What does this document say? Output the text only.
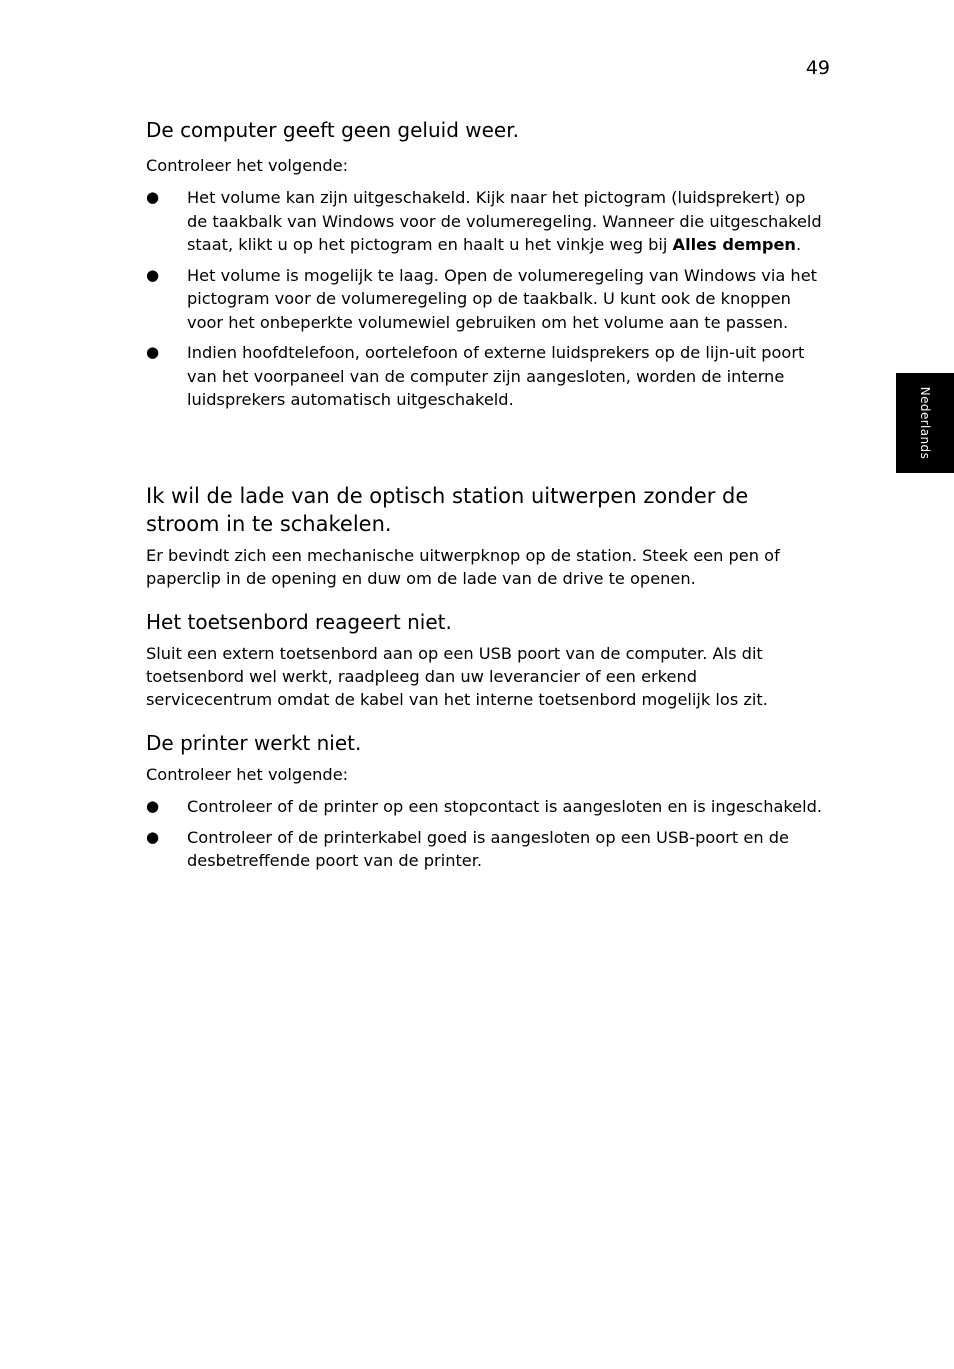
49
Nederlands
De computer geeft geen geluid weer.
Controleer het volgende:
● Het volume kan zijn uitgeschakeld. Kijk naar het pictogram (luidsprekert) op de taakbalk van Windows voor de volumeregeling. Wanneer die uitgeschakeld staat, klikt u op het pictogram en haalt u het vinkje weg bij Alles dempen.
● Het volume is mogelijk te laag. Open de volumeregeling van Windows via het pictogram voor de volumeregeling op de taakbalk. U kunt ook de knoppen voor het onbeperkte volumewiel gebruiken om het volume aan te passen.
● Indien hoofdtelefoon, oortelefoon of externe luidsprekers op de lijn-uit poort van het voorpaneel van de computer zijn aangesloten, worden de interne luidsprekers automatisch uitgeschakeld.
Ik wil de lade van de optisch station uitwerpen zonder de stroom in te schakelen.
Er bevindt zich een mechanische uitwerpknop op de station. Steek een pen of paperclip in de opening en duw om de lade van de drive te openen.
Het toetsenbord reageert niet.
Sluit een extern toetsenbord aan op een USB poort van de computer. Als dit toetsenbord wel werkt, raadpleeg dan uw leverancier of een erkend servicecentrum omdat de kabel van het interne toetsenbord mogelijk los zit.
De printer werkt niet.
Controleer het volgende:
● Controleer of de printer op een stopcontact is aangesloten en is ingeschakeld.
● Controleer of de printerkabel goed is aangesloten op een USB-poort en de desbetreffende poort van de printer.
